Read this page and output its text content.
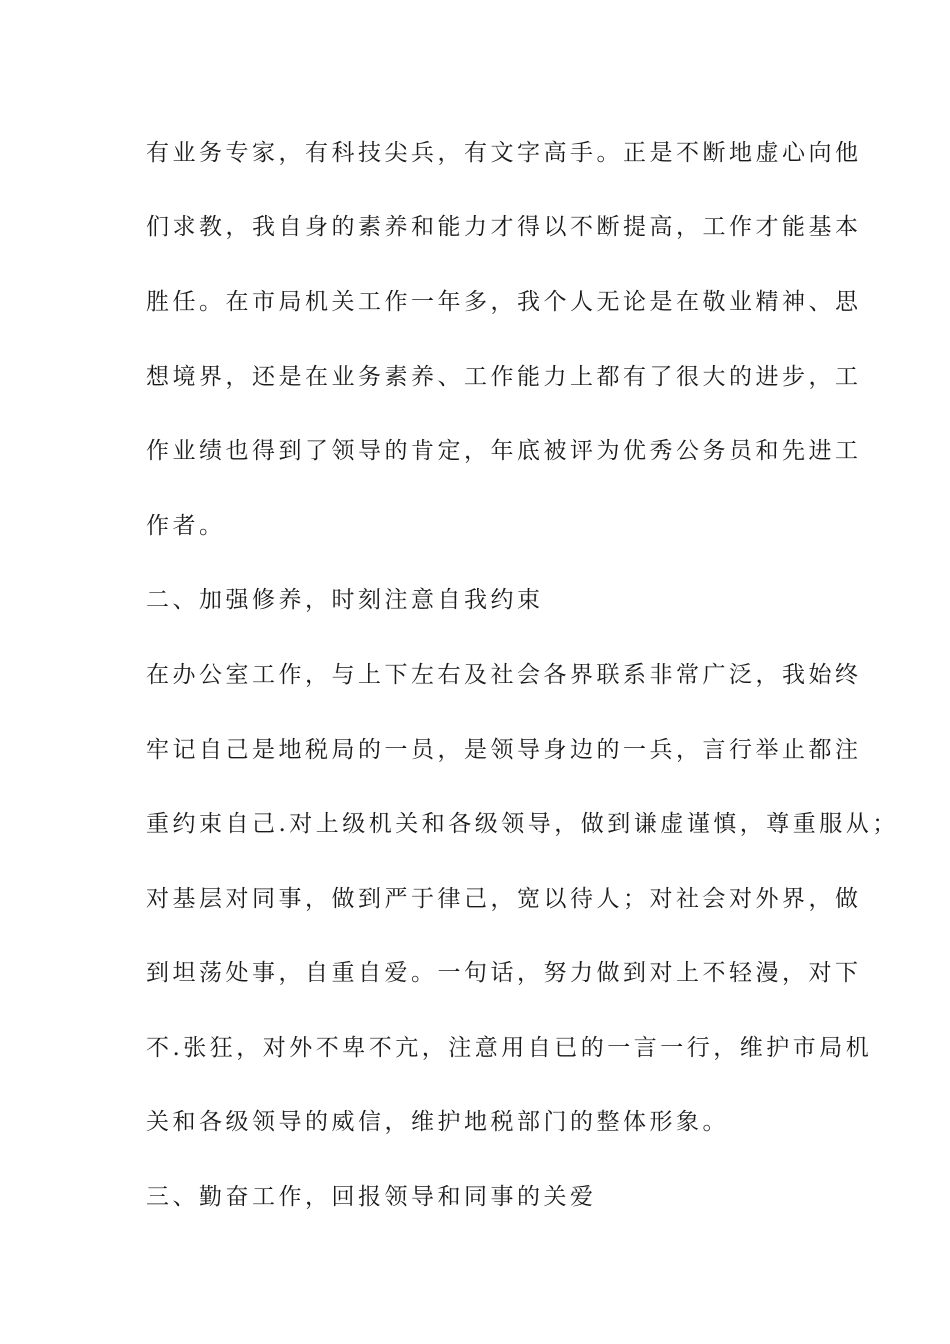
有业务专家，有科技尖兵，有文字高手。正是不断地虚心向他
们求教，我自身的素养和能力才得以不断提高，工作才能基本
胜任。在市局机关工作一年多，我个人无论是在敬业精神、思
想境界，还是在业务素养、工作能力上都有了很大的进步，工
作业绩也得到了领导的肯定，年底被评为优秀公务员和先进工
作者。
二、加强修养，时刻注意自我约束
在办公室工作，与上下左右及社会各界联系非常广泛，我始终
牢记自己是地税局的一员，是领导身边的一兵，言行举止都注
重约束自己.对上级机关和各级领导，做到谦虚谨慎，尊重服从；
对基层对同事，做到严于律己，宽以待人；对社会对外界，做
到坦荡处事，自重自爱。一句话，努力做到对上不轻漫，对下
不.张狂，对外不卑不亢，注意用自已的一言一行，维护市局机
关和各级领导的威信，维护地税部门的整体形象。
三、勤奋工作，回报领导和同事的关爱
